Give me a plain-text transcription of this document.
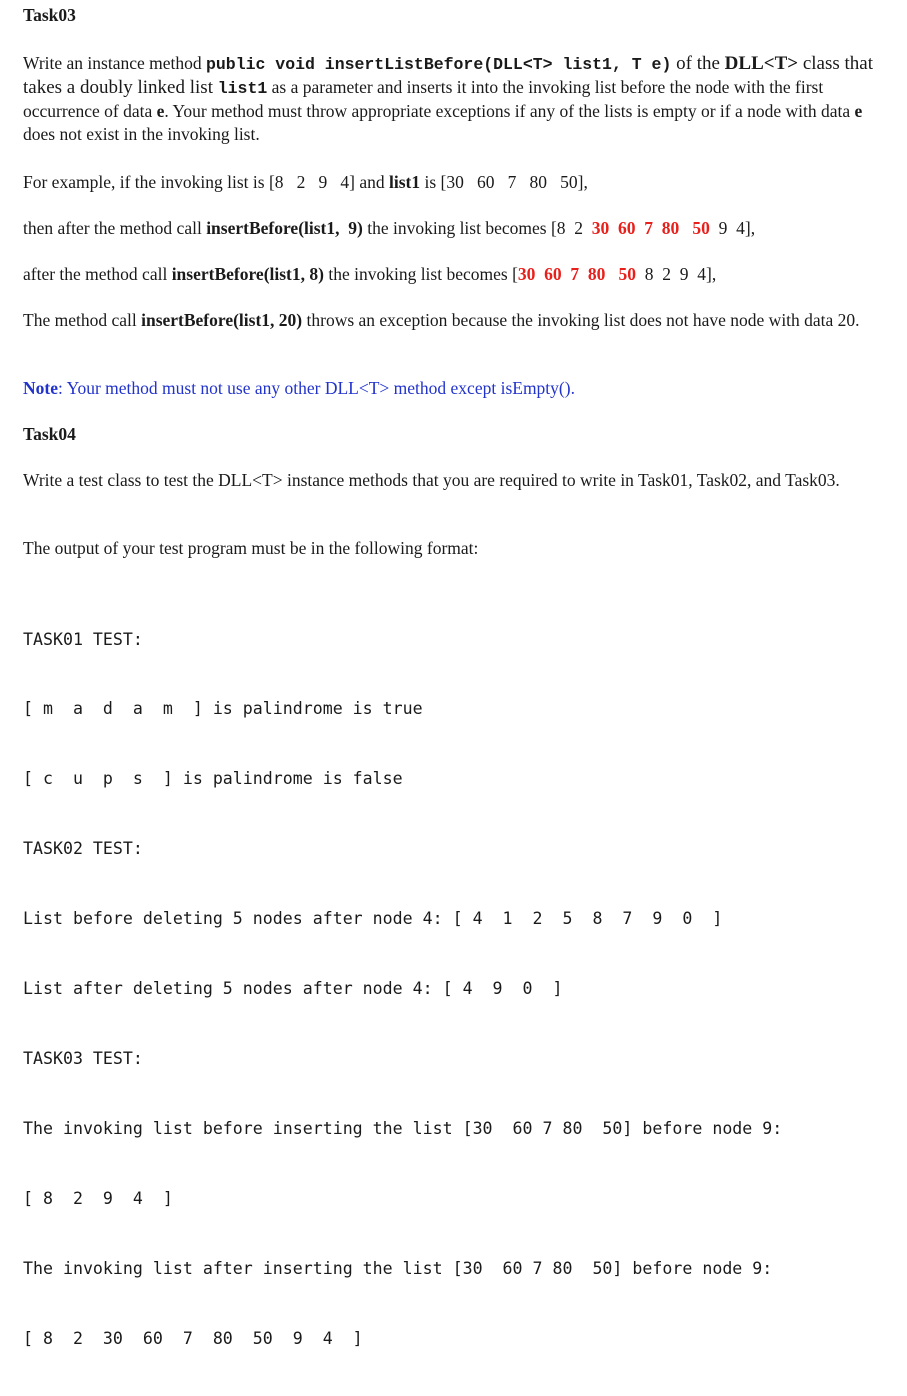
Task03

Write an instance method public void insertListBefore(DLL<T> list1, T e) of the DLL<T> class that takes a doubly linked list list1 as a parameter and inserts it into the invoking list before the node with the first occurrence of data e. Your method must throw appropriate exceptions if any of the lists is empty or if a node with data e does not exist in the invoking list.

For example, if the invoking list is [8   2   9   4] and list1 is [30   60   7   80   50],

then after the method call insertBefore(list1,  9) the invoking list becomes [8  2  30  60  7  80   50  9  4],

after the method call insertBefore(list1, 8) the invoking list becomes [30  60  7  80   50  8  2  9  4],

The method call insertBefore(list1, 20) throws an exception because the invoking list does not have node with data 20.

Note: Your method must not use any other DLL<T> method except isEmpty().

Task04

Write a test class to test the DLL<T> instance methods that you are required to write in Task01, Task02, and Task03.

The output of your test program must be in the following format:

TASK01 TEST:

[ m  a  d  a  m  ] is palindrome is true

[ c  u  p  s  ] is palindrome is false

TASK02 TEST:

List before deleting 5 nodes after node 4: [ 4  1  2  5  8  7  9  0  ]

List after deleting 5 nodes after node 4: [ 4  9  0  ]

TASK03 TEST:

The invoking list before inserting the list [30  60 7 80  50] before node 9:

[ 8  2  9  4  ]

The invoking list after inserting the list [30  60 7 80  50] before node 9:

[ 8  2  30  60  7  80  50  9  4  ]
